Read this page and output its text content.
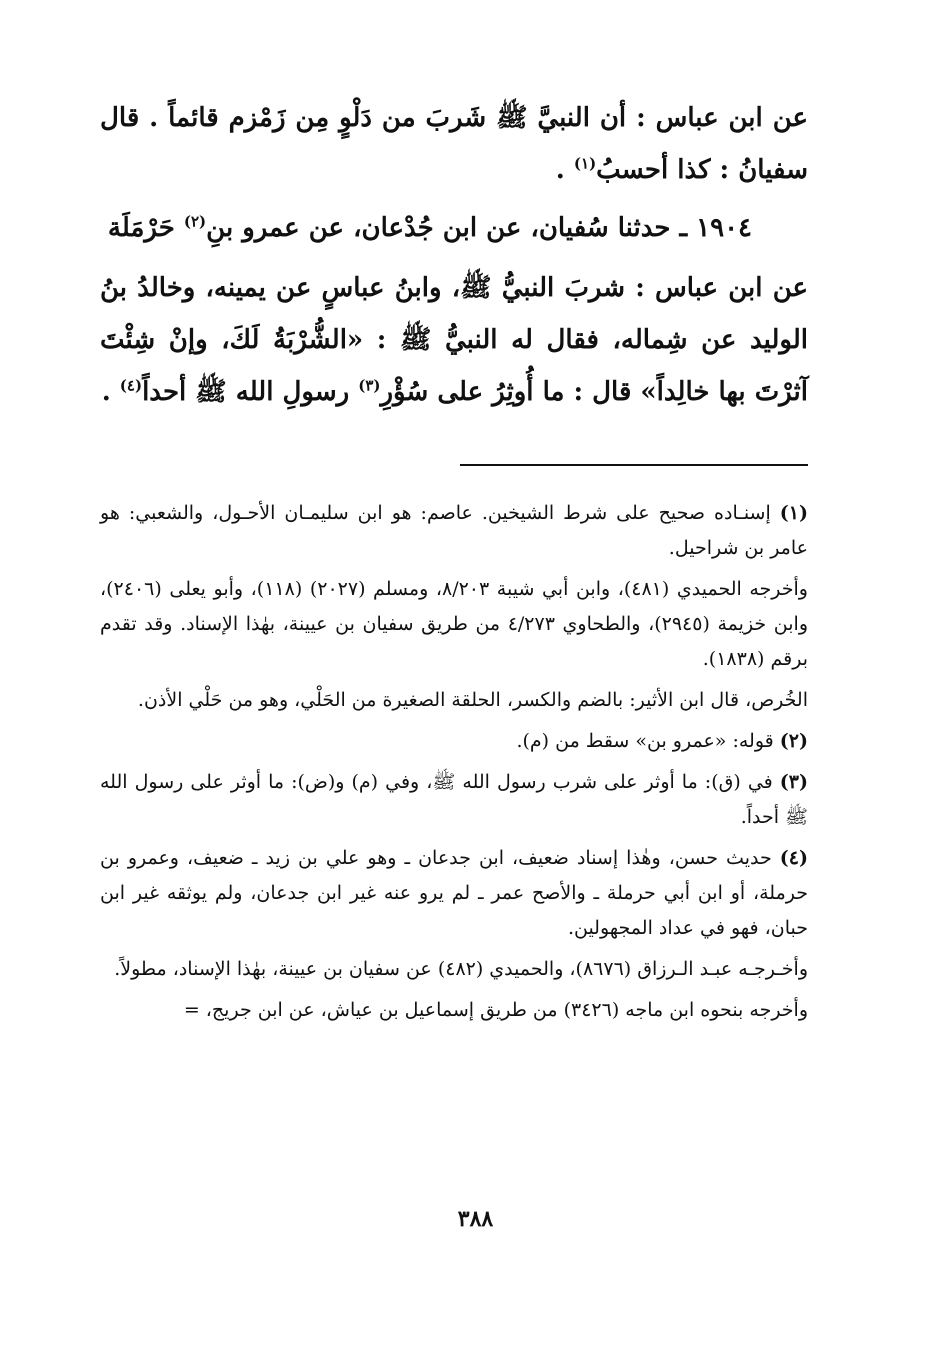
عن ابن عباس : أن النبيَّ ﷺ شَربَ من دَلْوٍ مِن زَمْزم قائماً . قال سفيانُ : كذا أحسبُ$^{(١)}$ .

١٩٠٤ ـ حدثنا سُفيان، عن ابن جُدْعان، عن عمرو بنِ$^{(٢)}$ حَرْمَلَة

عن ابن عباس : شربَ النبيُّ ﷺ، وابنُ عباسٍ عن يمينه، وخالدُ بنُ الوليد عن شِماله، فقال له النبيُّ ﷺ : «الشُّرْبَةُ لَكَ، وإنْ شِئْتَ آثرْتَ بها خالِداً» قال : ما أُوثِرُ على سُؤْرِ$^{(٣)}$ رسولِ الله ﷺ أحداً$^{(٤)}$ .

(١) إسنـاده صحيح على شرط الشيخين. عاصم: هو ابن سليمـان الأحـول، والشعبي: هو عامر بن شراحيل.

وأخرجه الحميدي (٤٨١)، وابن أبي شيبة ٨/٢٠٣، ومسلم (٢٠٢٧) (١١٨)، وأبو يعلى (٢٤٠٦)، وابن خزيمة (٢٩٤٥)، والطحاوي ٤/٢٧٣ من طريق سفيان بن عيينة، بهٰذا الإسناد. وقد تقدم برقم (١٨٣٨).

الخُرص، قال ابن الأثير: بالضم والكسر، الحلقة الصغيرة من الحَلْي، وهو من حَلْي الأذن.

(٢) قوله: «عمرو بن» سقط من (م).

(٣) في (ق): ما أوثر على شرب رسول الله ﷺ، وفي (م) و(ض): ما أوثر على رسول الله ﷺ أحداً.

(٤) حديث حسن، وهٰذا إسناد ضعيف، ابن جدعان ـ وهو علي بن زيد ـ ضعيف، وعمرو بن حرملة، أو ابن أبي حرملة ـ والأصح عمر ـ لم يرو عنه غير ابن جدعان، ولم يوثقه غير ابن حبان، فهو في عداد المجهولين.

وأخـرجـه عبـد الـرزاق (٨٦٧٦)، والحميدي (٤٨٢) عن سفيان بن عيينة، بهٰذا الإسناد، مطولاً.

وأخرجه بنحوه ابن ماجه (٣٤٢٦) من طريق إسماعيل بن عياش، عن ابن جريج، =

٣٨٨
